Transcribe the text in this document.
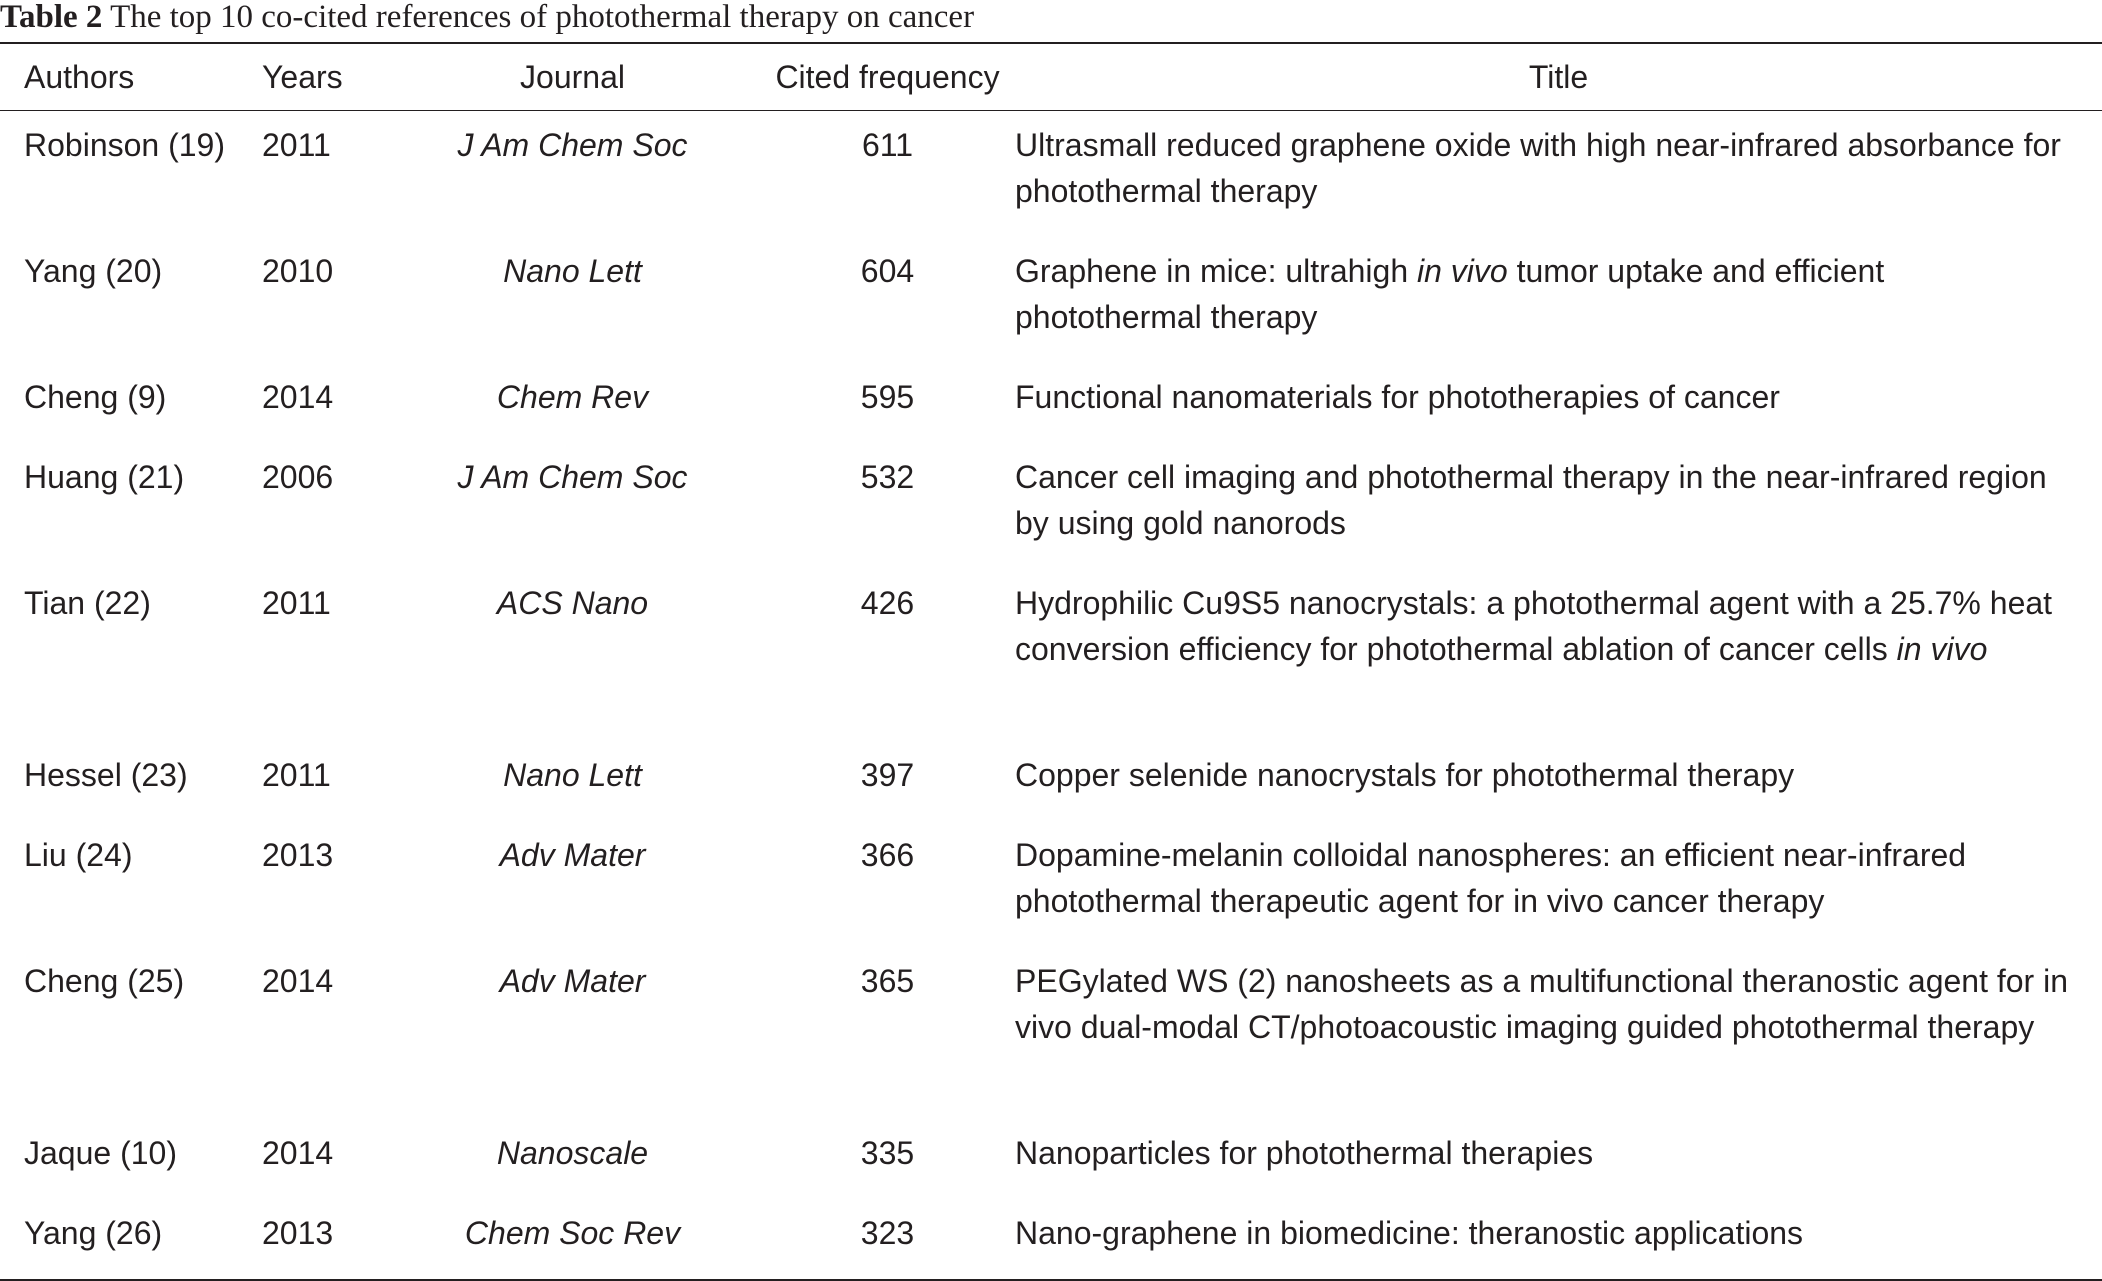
Table 2 The top 10 co-cited references of photothermal therapy on cancer
Authors	Years	Journal	Cited frequency	Title
Robinson (19)	2011	J Am Chem Soc	611	Ultrasmall reduced graphene oxide with high near-infrared absorbance for photothermal therapy
Yang (20)	2010	Nano Lett	604	Graphene in mice: ultrahigh in vivo tumor uptake and efficient photothermal therapy
Cheng (9)	2014	Chem Rev	595	Functional nanomaterials for phototherapies of cancer
Huang (21)	2006	J Am Chem Soc	532	Cancer cell imaging and photothermal therapy in the near-infrared region by using gold nanorods
Tian (22)	2011	ACS Nano	426	Hydrophilic Cu9S5 nanocrystals: a photothermal agent with a 25.7% heat conversion efficiency for photothermal ablation of cancer cells in vivo
Hessel (23)	2011	Nano Lett	397	Copper selenide nanocrystals for photothermal therapy
Liu (24)	2013	Adv Mater	366	Dopamine-melanin colloidal nanospheres: an efficient near-infrared photothermal therapeutic agent for in vivo cancer therapy
Cheng (25)	2014	Adv Mater	365	PEGylated WS (2) nanosheets as a multifunctional theranostic agent for in vivo dual-modal CT/photoacoustic imaging guided photothermal therapy
Jaque (10)	2014	Nanoscale	335	Nanoparticles for photothermal therapies
Yang (26)	2013	Chem Soc Rev	323	Nano-graphene in biomedicine: theranostic applications
